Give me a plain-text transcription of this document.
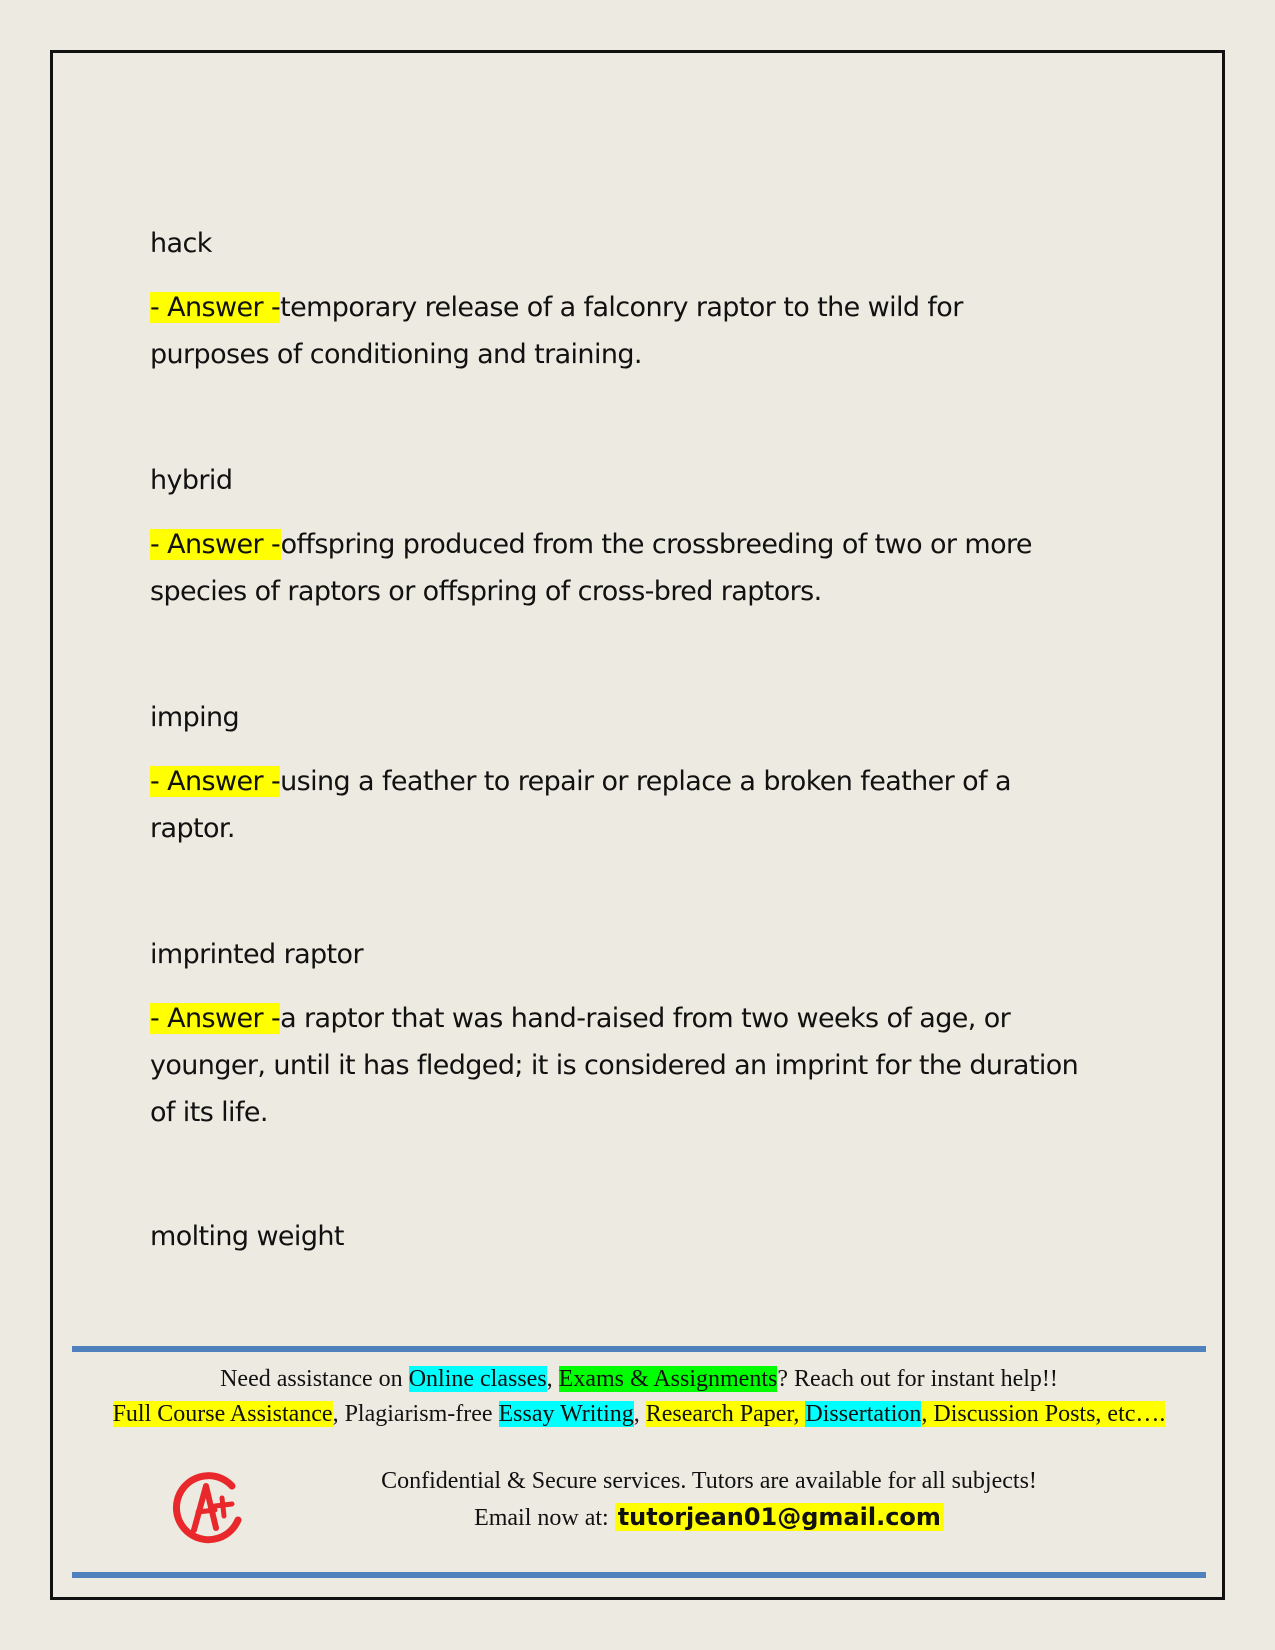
hack

- Answer -temporary release of a falconry raptor to the wild for
purposes of conditioning and training.

hybrid

- Answer -offspring produced from the crossbreeding of two or more
species of raptors or offspring of cross-bred raptors.

imping

- Answer -using a feather to repair or replace a broken feather of a
raptor.

imprinted raptor

- Answer -a raptor that was hand-raised from two weeks of age, or
younger, until it has fledged; it is considered an imprint for the duration
of its life.

molting weight

Need assistance on Online classes, Exams & Assignments? Reach out for instant help!!
Full Course Assistance, Plagiarism-free Essay Writing, Research Paper, Dissertation, Discussion Posts, etc….
Confidential & Secure services. Tutors are available for all subjects!
Email now at: tutorjean01@gmail.com
